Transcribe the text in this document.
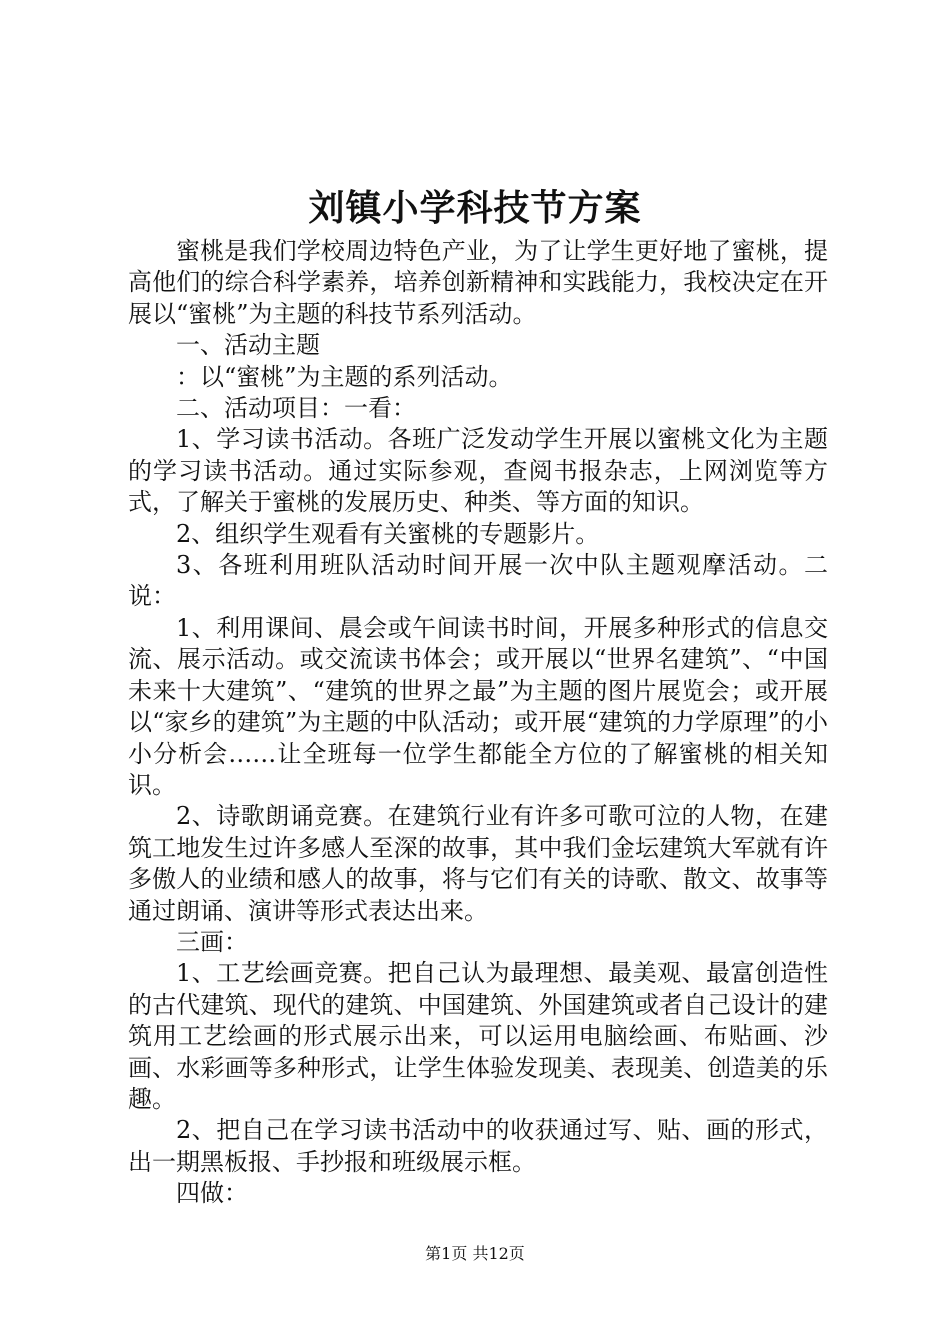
刘镇小学科技节方案

蜜桃是我们学校周边特色产业，为了让学生更好地了蜜桃，提高他们的综合科学素养，培养创新精神和实践能力，我校决定在开展以“蜜桃”为主题的科技节系列活动。

一、活动主题

：以“蜜桃”为主题的系列活动。

二、活动项目：一看：

1、学习读书活动。各班广泛发动学生开展以蜜桃文化为主题的学习读书活动。通过实际参观，查阅书报杂志，上网浏览等方式，了解关于蜜桃的发展历史、种类、等方面的知识。

2、组织学生观看有关蜜桃的专题影片。

3、各班利用班队活动时间开展一次中队主题观摩活动。二说：

1、利用课间、晨会或午间读书时间，开展多种形式的信息交流、展示活动。或交流读书体会；或开展以“世界名建筑”、“中国未来十大建筑”、“建筑的世界之最”为主题的图片展览会；或开展以“家乡的建筑”为主题的中队活动；或开展“建筑的力学原理”的小小分析会……让全班每一位学生都能全方位的了解蜜桃的相关知识。

2、诗歌朗诵竞赛。在建筑行业有许多可歌可泣的人物，在建筑工地发生过许多感人至深的故事，其中我们金坛建筑大军就有许多傲人的业绩和感人的故事，将与它们有关的诗歌、散文、故事等通过朗诵、演讲等形式表达出来。

三画：

1、工艺绘画竞赛。把自己认为最理想、最美观、最富创造性的古代建筑、现代的建筑、中国建筑、外国建筑或者自己设计的建筑用工艺绘画的形式展示出来，可以运用电脑绘画、布贴画、沙画、水彩画等多种形式，让学生体验发现美、表现美、创造美的乐趣。

2、把自己在学习读书活动中的收获通过写、贴、画的形式，出一期黑板报、手抄报和班级展示框。

四做：

第1页 共12页
